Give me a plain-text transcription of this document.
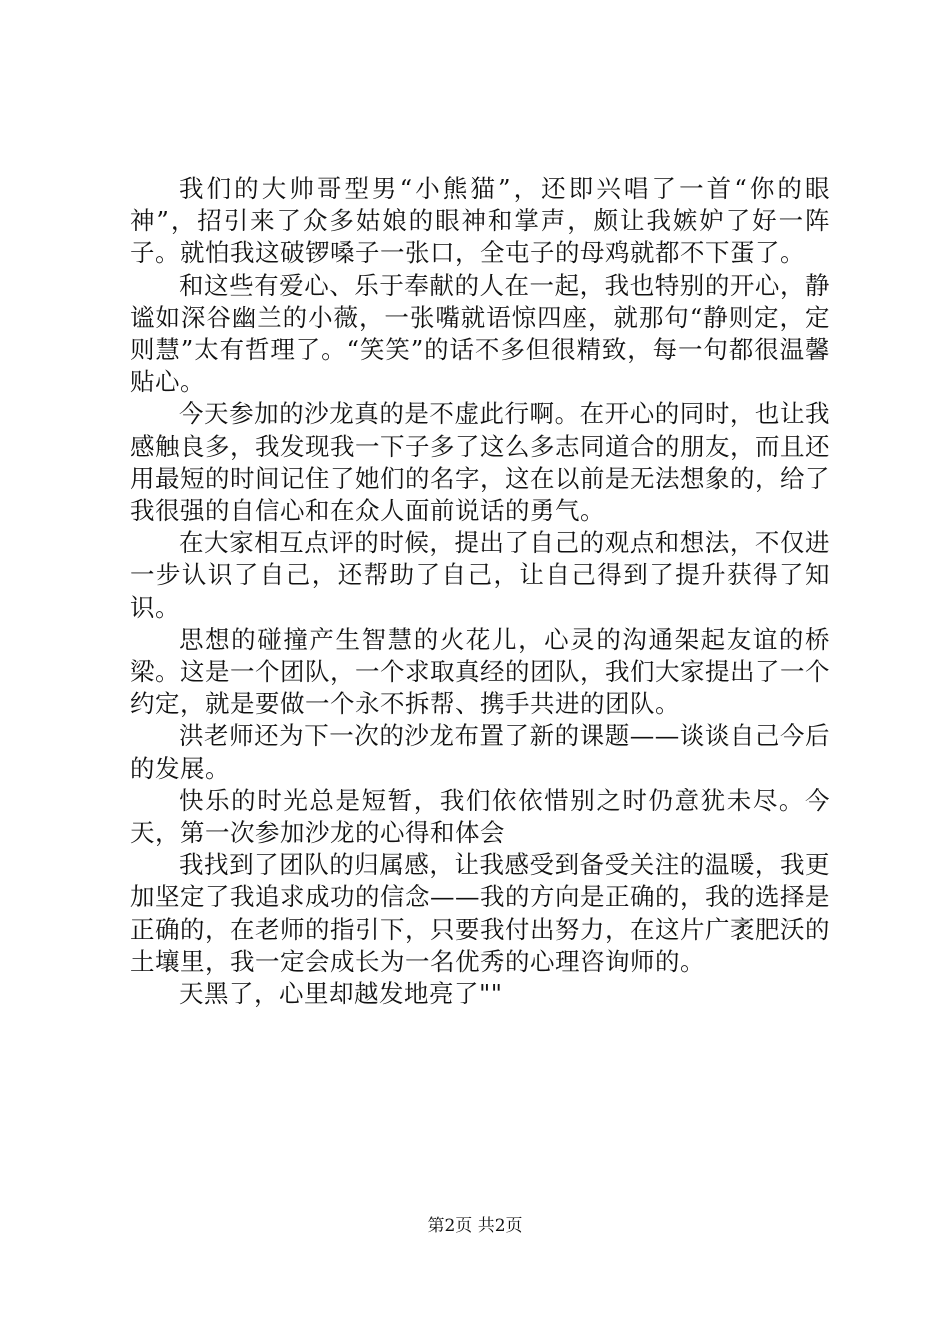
我们的大帅哥型男“小熊猫”，还即兴唱了一首“你的眼神”，招引来了众多姑娘的眼神和掌声，颇让我嫉妒了好一阵子。就怕我这破锣嗓子一张口，全屯子的母鸡就都不下蛋了。

和这些有爱心、乐于奉献的人在一起，我也特别的开心，静谧如深谷幽兰的小薇，一张嘴就语惊四座，就那句“静则定，定则慧”太有哲理了。“笑笑”的话不多但很精致，每一句都很温馨贴心。

今天参加的沙龙真的是不虚此行啊。在开心的同时，也让我感触良多，我发现我一下子多了这么多志同道合的朋友，而且还用最短的时间记住了她们的名字，这在以前是无法想象的，给了我很强的自信心和在众人面前说话的勇气。

在大家相互点评的时候，提出了自己的观点和想法，不仅进一步认识了自己，还帮助了自己，让自己得到了提升获得了知识。

思想的碰撞产生智慧的火花儿，心灵的沟通架起友谊的桥梁。这是一个团队，一个求取真经的团队，我们大家提出了一个约定，就是要做一个永不拆帮、携手共进的团队。

洪老师还为下一次的沙龙布置了新的课题——谈谈自己今后的发展。

快乐的时光总是短暂，我们依依惜别之时仍意犹未尽。今天，第一次参加沙龙的心得和体会

我找到了团队的归属感，让我感受到备受关注的温暖，我更加坚定了我追求成功的信念——我的方向是正确的，我的选择是正确的，在老师的指引下，只要我付出努力，在这片广袤肥沃的土壤里，我一定会成长为一名优秀的心理咨询师的。

天黑了，心里却越发地亮了""

第2页 共2页
